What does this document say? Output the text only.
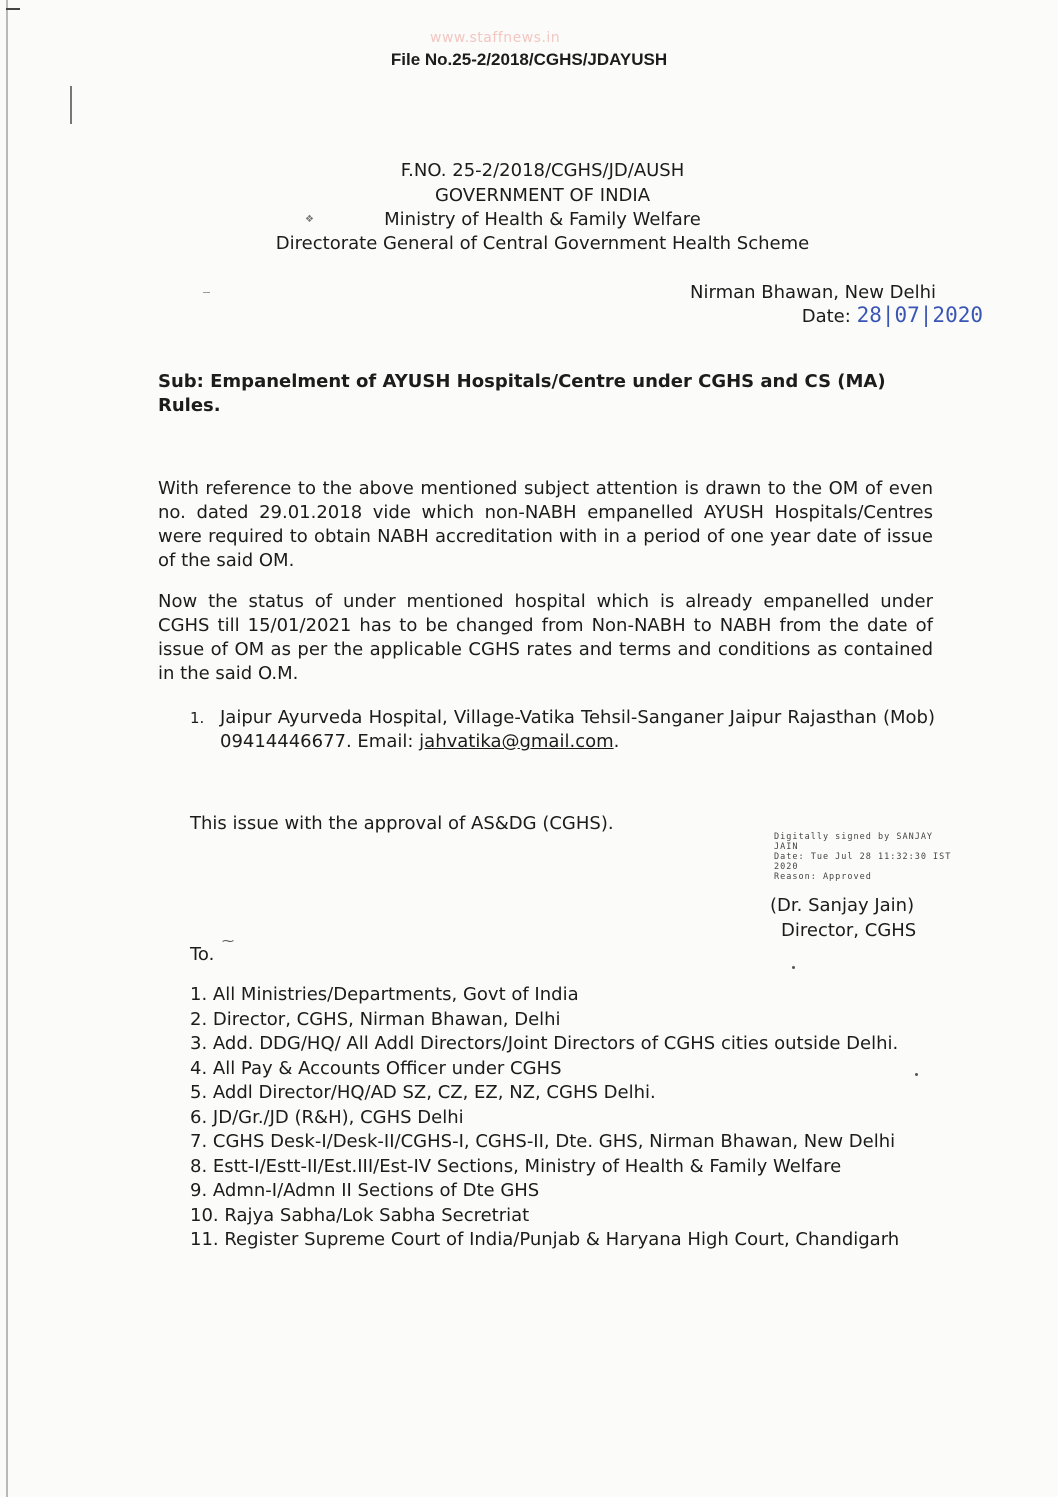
www.staffnews.in
File No.25-2/2018/CGHS/JDAYUSH
F.NO. 25-2/2018/CGHS/JD/AUSH
GOVERNMENT OF INDIA
Ministry of Health & Family Welfare
❖
Directorate General of Central Government Health Scheme
Nirman Bhawan, New Delhi
Date: 28|07|2020
Sub: Empanelment of AYUSH Hospitals/Centre under CGHS and CS (MA) Rules.
With reference to the above mentioned subject attention is drawn to the OM of even no. dated 29.01.2018 vide which non-NABH empanelled AYUSH Hospitals/Centres were required to obtain NABH accreditation with in a period of one year date of issue of the said OM.
Now the status of under mentioned hospital which is already empanelled under CGHS till 15/01/2021 has to be changed from Non-NABH to NABH from the date of issue of OM as per the applicable CGHS rates and terms and conditions as contained in the said O.M.
1. Jaipur Ayurveda Hospital, Village-Vatika Tehsil-Sanganer Jaipur Rajasthan (Mob) 09414446677. Email: jahvatika@gmail.com.
This issue with the approval of AS&DG (CGHS).
Digitally signed by SANJAY
JAIN
Date: Tue Jul 28 11:32:30 IST
2020
Reason: Approved
(Dr. Sanjay Jain)
Director, CGHS
To.
⁓
1. All Ministries/Departments, Govt of India
2. Director, CGHS, Nirman Bhawan, Delhi
3. Add. DDG/HQ/ All Addl Directors/Joint Directors of CGHS cities outside Delhi.
4. All Pay & Accounts Officer under CGHS
5. Addl Director/HQ/AD SZ, CZ, EZ, NZ, CGHS Delhi.
6. JD/Gr./JD (R&H), CGHS Delhi
7. CGHS Desk-I/Desk-II/CGHS-I, CGHS-II, Dte. GHS, Nirman Bhawan, New Delhi
8. Estt-I/Estt-II/Est.III/Est-IV Sections, Ministry of Health & Family Welfare
9. Admn-I/Admn II Sections of Dte GHS
10. Rajya Sabha/Lok Sabha Secretriat
11. Register Supreme Court of India/Punjab & Haryana High Court, Chandigarh
